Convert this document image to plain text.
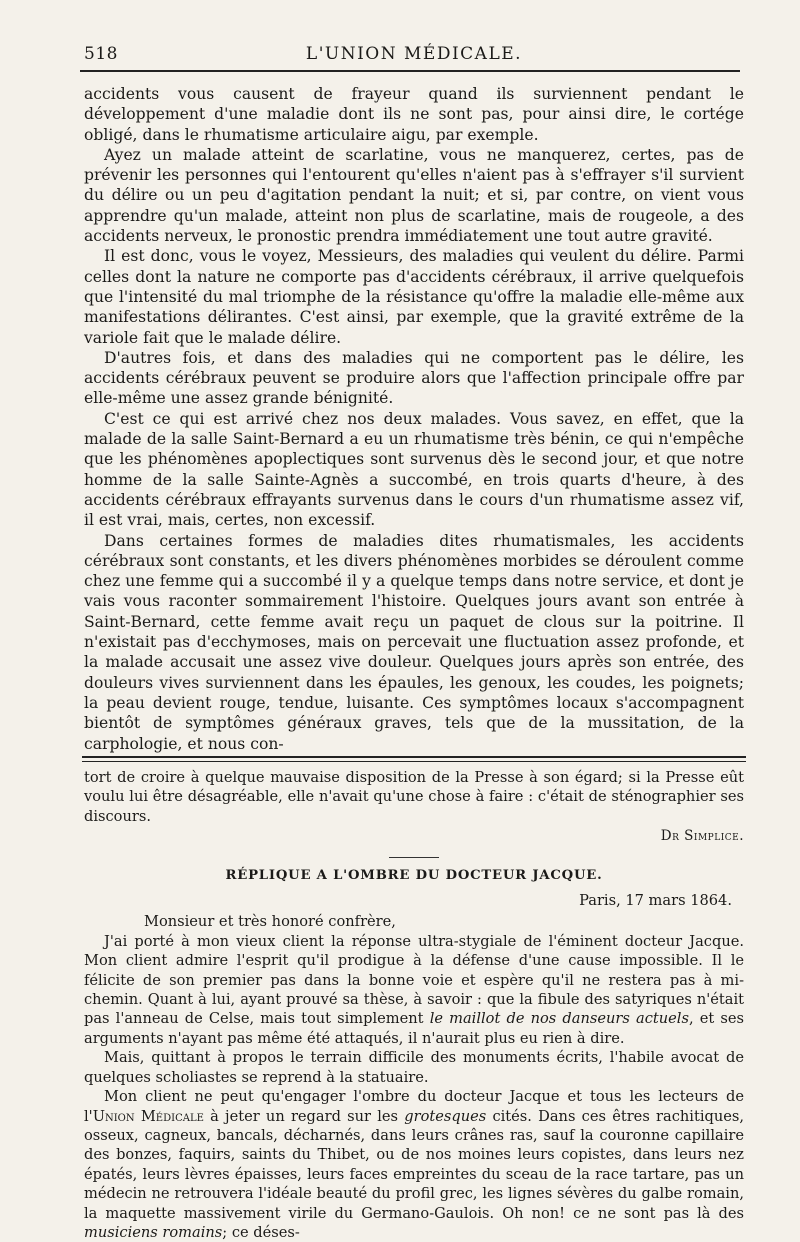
518	L'UNION MÉDICALE.

accidents vous causent de frayeur quand ils surviennent pendant le développement d'une maladie dont ils ne sont pas, pour ainsi dire, le cortége obligé, dans le rhumatisme articulaire aigu, par exemple.

Ayez un malade atteint de scarlatine, vous ne manquerez, certes, pas de prévenir les personnes qui l'entourent qu'elles n'aient pas à s'effrayer s'il survient du délire ou un peu d'agitation pendant la nuit; et si, par contre, on vient vous apprendre qu'un malade, atteint non plus de scarlatine, mais de rougeole, a des accidents nerveux, le pronostic prendra immédiatement une tout autre gravité.

Il est donc, vous le voyez, Messieurs, des maladies qui veulent du délire. Parmi celles dont la nature ne comporte pas d'accidents cérébraux, il arrive quelquefois que l'intensité du mal triomphe de la résistance qu'offre la maladie elle-même aux manifestations délirantes. C'est ainsi, par exemple, que la gravité extrême de la variole fait que le malade délire.

D'autres fois, et dans des maladies qui ne comportent pas le délire, les accidents cérébraux peuvent se produire alors que l'affection principale offre par elle-même une assez grande bénignité.

C'est ce qui est arrivé chez nos deux malades. Vous savez, en effet, que la malade de la salle Saint-Bernard a eu un rhumatisme très bénin, ce qui n'empêche que les phénomènes apoplectiques sont survenus dès le second jour, et que notre homme de la salle Sainte-Agnès a succombé, en trois quarts d'heure, à des accidents cérébraux effrayants survenus dans le cours d'un rhumatisme assez vif, il est vrai, mais, certes, non excessif.

Dans certaines formes de maladies dites rhumatismales, les accidents cérébraux sont constants, et les divers phénomènes morbides se déroulent comme chez une femme qui a succombé il y a quelque temps dans notre service, et dont je vais vous raconter sommairement l'histoire. Quelques jours avant son entrée à Saint-Bernard, cette femme avait reçu un paquet de clous sur la poitrine. Il n'existait pas d'ecchymoses, mais on percevait une fluctuation assez profonde, et la malade accusait une assez vive douleur. Quelques jours après son entrée, des douleurs vives surviennent dans les épaules, les genoux, les coudes, les poignets; la peau devient rouge, tendue, luisante. Ces symptômes locaux s'accompagnent bientôt de symptômes généraux graves, tels que de la mussitation, de la carphologie, et nous con-

tort de croire à quelque mauvaise disposition de la Presse à son égard; si la Presse eût voulu lui être désagréable, elle n'avait qu'une chose à faire : c'était de sténographier ses discours.

Dr Simplice.
RÉPLIQUE A L'OMBRE DU DOCTEUR JACQUE.
Paris, 17 mars 1864.

Monsieur et très honoré confrère,

J'ai porté à mon vieux client la réponse ultra-stygiale de l'éminent docteur Jacque. Mon client admire l'esprit qu'il prodigue à la défense d'une cause impossible. Il le félicite de son premier pas dans la bonne voie et espère qu'il ne restera pas à mi-chemin. Quant à lui, ayant prouvé sa thèse, à savoir : que la fibule des satyriques n'était pas l'anneau de Celse, mais tout simplement le maillot de nos danseurs actuels, et ses arguments n'ayant pas même été attaqués, il n'aurait plus eu rien à dire.

Mais, quittant à propos le terrain difficile des monuments écrits, l'habile avocat de quelques scholiastes se reprend à la statuaire.

Mon client ne peut qu'engager l'ombre du docteur Jacque et tous les lecteurs de l'Union Médicale à jeter un regard sur les grotesques cités. Dans ces êtres rachitiques, osseux, cagneux, bancals, décharnés, dans leurs crânes ras, sauf la couronne capillaire des bonzes, faquirs, saints du Thibet, ou de nos moines leurs copistes, dans leurs nez épatés, leurs lèvres épaisses, leurs faces empreintes du sceau de la race tartare, pas un médecin ne retrouvera l'idéale beauté du profil grec, les lignes sévères du galbe romain, la maquette massivement virile du Germano-Gaulois. Oh non! ce ne sont pas là des musiciens romains; ce déses-
